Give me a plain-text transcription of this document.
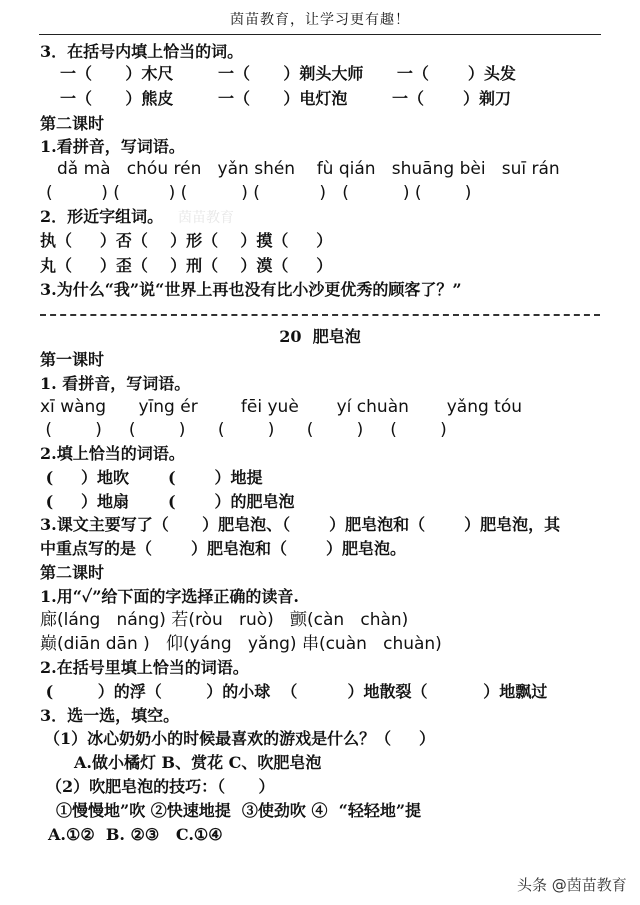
茵苗教育，让学习更有趣！
3．在括号内填上恰当的词。
一（      ）木尺        一（      ）剃头大师      一（       ）头发
一（      ）熊皮        一（      ）电灯泡        一（       ）剃刀
第二课时
1.看拼音，写词语。
dǎ mà   chóu rén   yǎn shén    fù qián   shuāng bèi   suī rán
(         ) (         ) (          ) (           )   (          ) (        )
2．形近字组词。 茵苗教育
执（     ）否（    ）形（    ）摸（     ）
丸（     ）歪（    ）刑（    ）漠（     ）
3.为什么“我”说“世界上再也没有比小沙更优秀的顾客了？”
20  肥皂泡
第一课时
1. 看拼音，写词语。
xī wàng      yīng ér        fēi yuè       yí chuàn       yǎng tóu
(        )     (        )      (        )      (        )     (        )
2.填上恰当的词语。
(     ）地吹       (       ）地提
(     ）地扇       (       ）的肥皂泡
3.课文主要写了（      ）肥皂泡、（       ）肥皂泡和（       ）肥皂泡，其
中重点写的是（       ）肥皂泡和（       ）肥皂泡。
第二课时
1.用“✓”给下面的字选择正确的读音.
廊(láng   náng) 若(ròu   ruò)   颤(càn   chàn)
巅(diān dān )   仰(yáng   yǎng) 串(cuàn   chuàn)
2.在括号里填上恰当的词语。
(        ）的浮（        ）的小球  （         ）地散裂（          ）地飘过
3．选一选，填空。
（1）冰心奶奶小的时候最喜欢的游戏是什么？（     ）
A.做小橘灯 B、赏花 C、吹肥皂泡
（2）吹肥皂泡的技巧：（      ）
①慢慢地”吹 ②快速地提  ③使劲吹 ④  “轻轻地”提
A.①②  B. ②③   C.①④
头条 @茵苗教育
